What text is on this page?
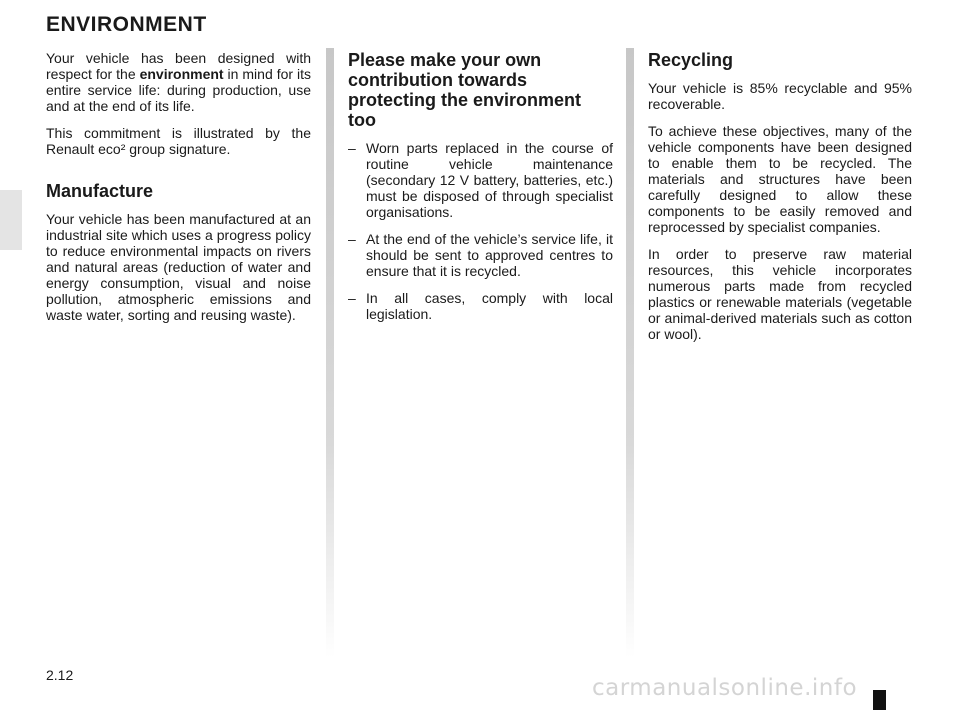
ENVIRONMENT

Your vehicle has been designed with respect for the environment in mind for its entire service life: during production, use and at the end of its life.

This commitment is illustrated by the Renault eco² group signature.

Manufacture

Your vehicle has been manufactured at an industrial site which uses a progress policy to reduce environmental impacts on rivers and natural areas (reduction of water and energy consumption, visual and noise pollution, atmospheric emissions and waste water, sorting and reusing waste).

Please make your own contribution towards protecting the environment too
– Worn parts replaced in the course of routine vehicle maintenance (secondary 12 V battery, batteries, etc.) must be disposed of through specialist organisations.
– At the end of the vehicle’s service life, it should be sent to approved centres to ensure that it is recycled.
– In all cases, comply with local legislation.
Recycling

Your vehicle is 85% recyclable and 95% recoverable.

To achieve these objectives, many of the vehicle components have been designed to enable them to be recycled. The materials and structures have been carefully designed to allow these components to be easily removed and reprocessed by specialist companies.

In order to preserve raw material resources, this vehicle incorporates numerous parts made from recycled plastics or renewable materials (vegetable or animal-derived materials such as cotton or wool).

2.12	carmanualsonline.info
